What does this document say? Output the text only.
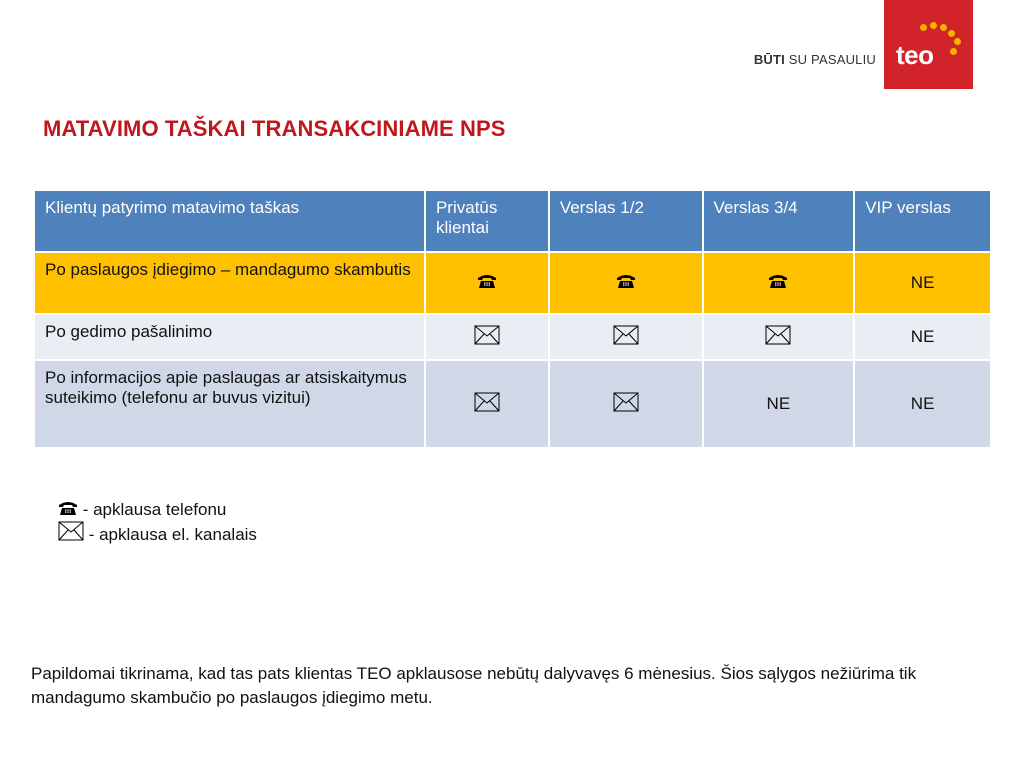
BŪTI SU PASAULIU teo
MATAVIMO TAŠKAI TRANSAKCINIAME NPS
Klientų patyrimo matavimo taškas	Privatūs klientai	Verslas 1/2	Verslas 3/4	VIP verslas
Po paslaugos įdiegimo – mandagumo skambutis				NE
Po gedimo pašalinimo				NE
Po informacijos apie paslaugas ar atsiskaitymus suteikimo (telefonu ar buvus vizitui)			NE	NE
- apklausa telefonu
- apklausa el. kanalais
Papildomai tikrinama, kad tas pats klientas TEO apklausose nebūtų dalyvavęs 6 mėnesius. Šios sąlygos nežiūrima tik mandagumo skambučio po paslaugos įdiegimo metu.
